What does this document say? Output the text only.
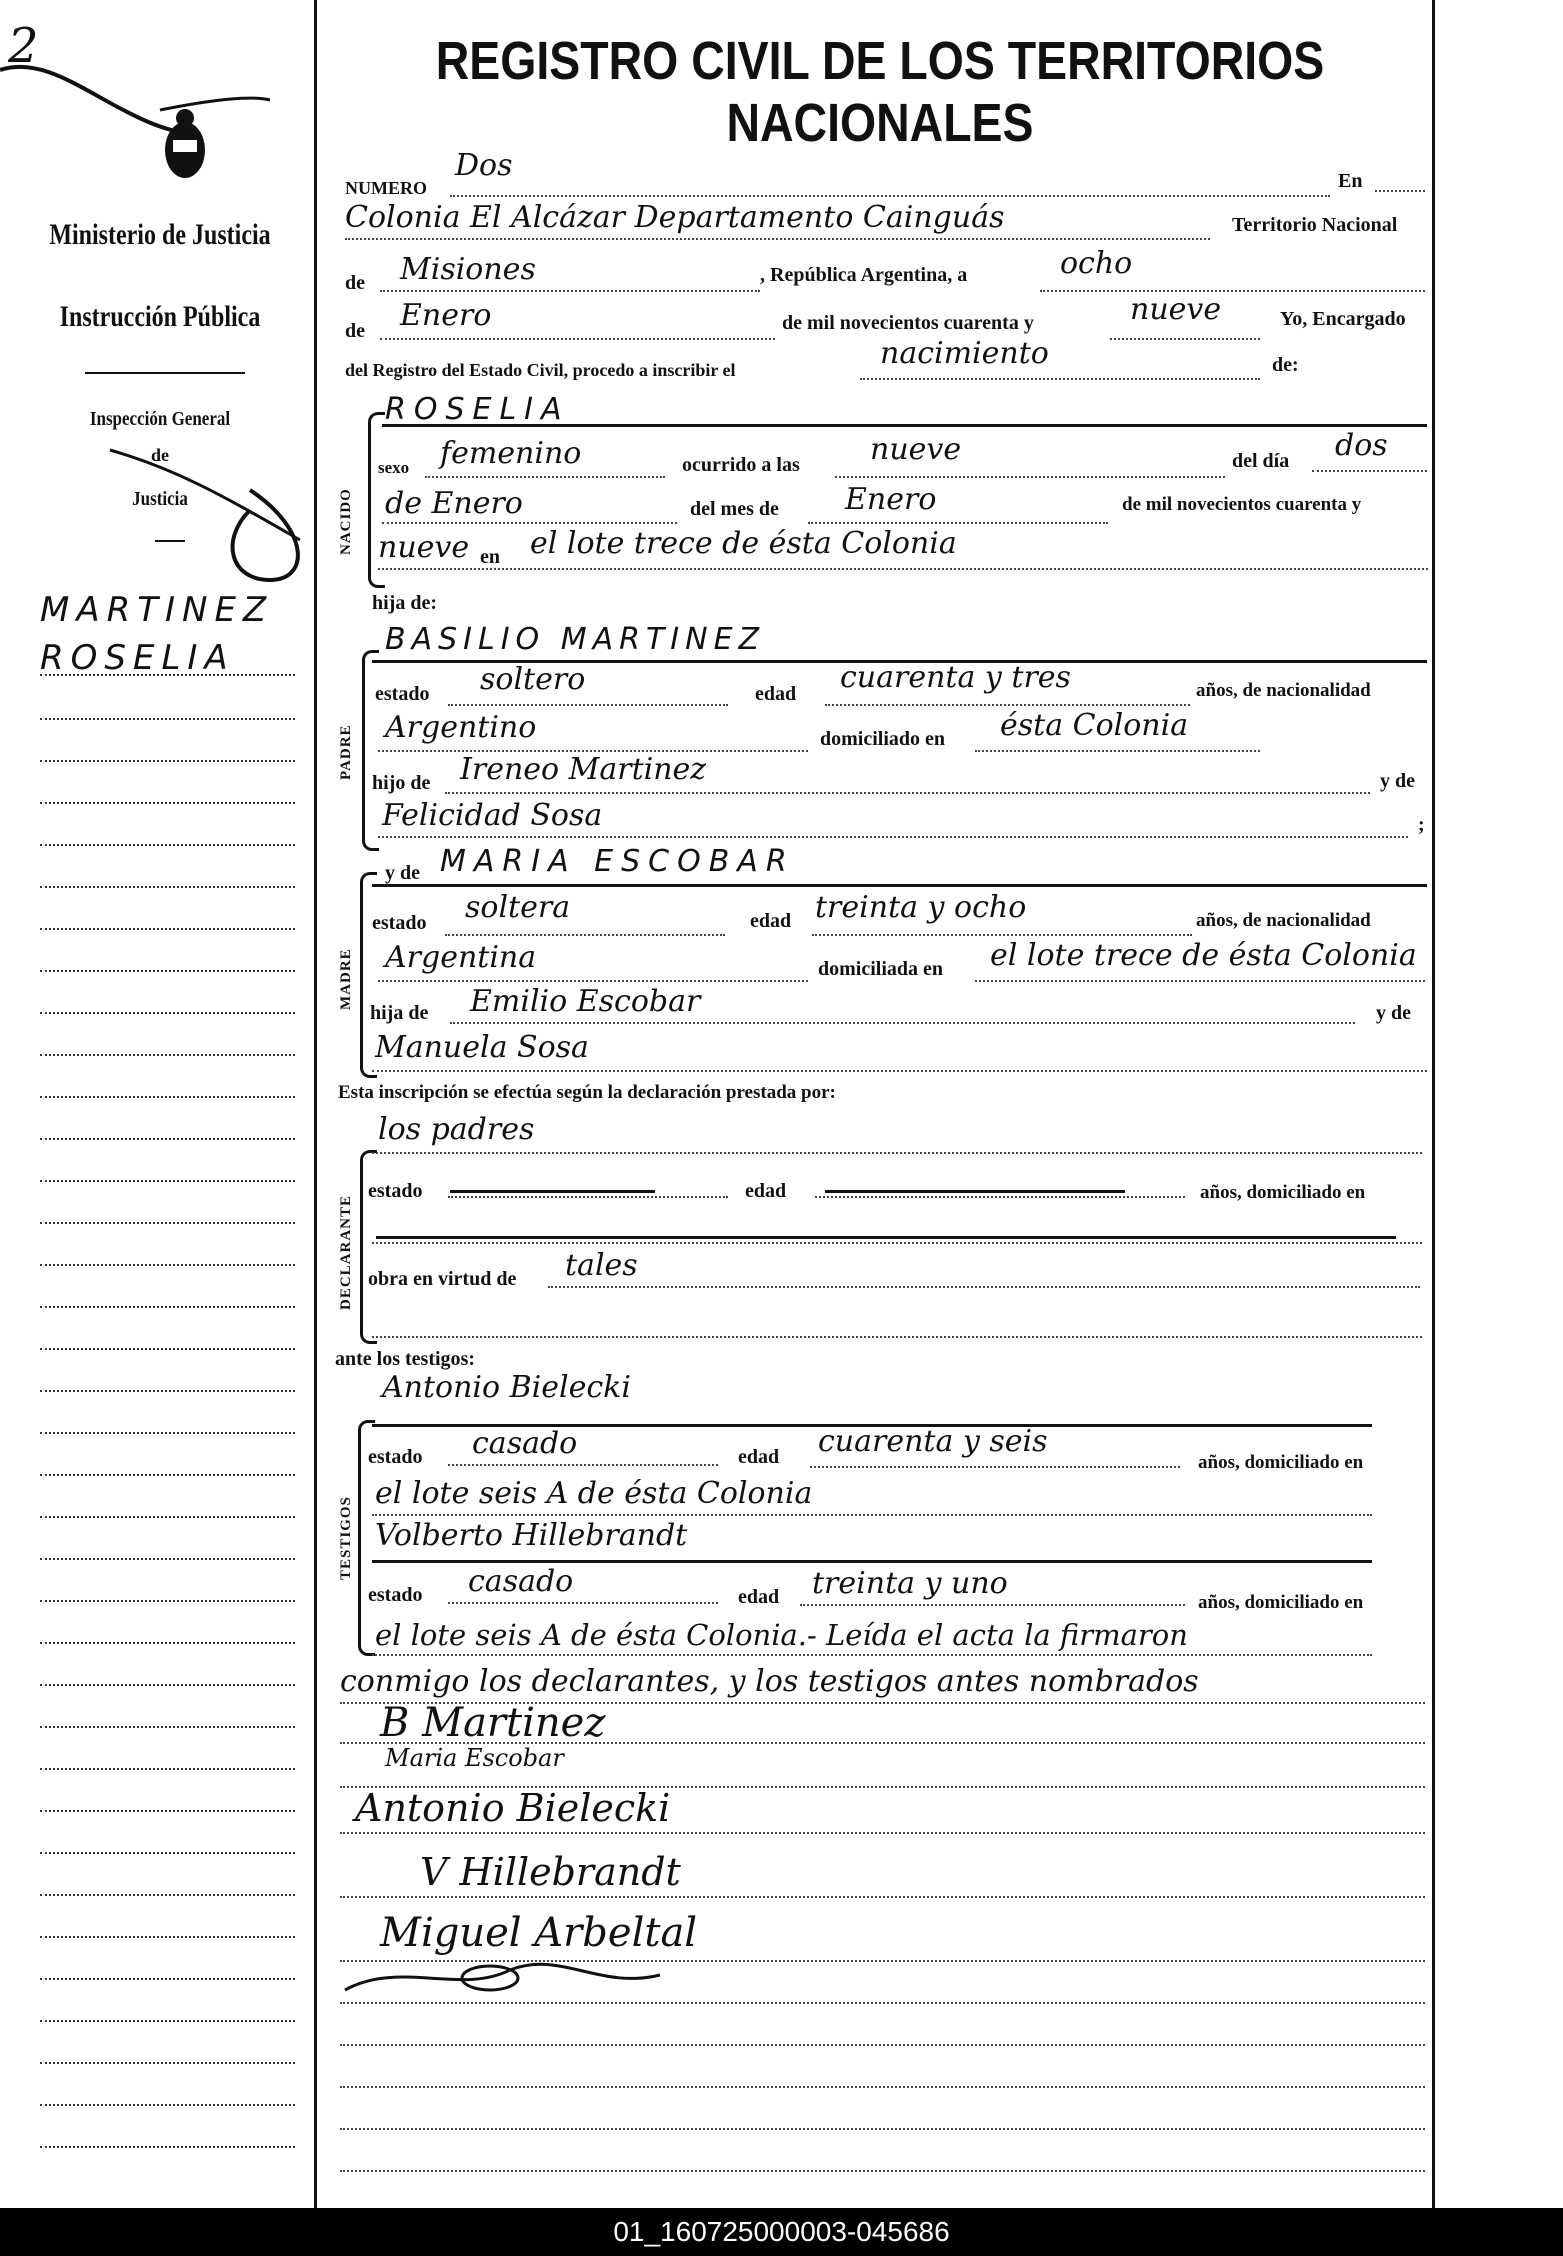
2
Ministerio de Justicia
Instrucción Pública
Inspección General
de
Justicia
MARTINEZ
ROSELIA
REGISTRO CIVIL DE LOS TERRITORIOS NACIONALES
NUMERO
Dos	En
Colonia El Alcázar Departamento Cainguás	Territorio Nacional
de Misiones	, República Argentina, a	ocho
de Enero	de mil novecientos cuarenta y	nueve	Yo, Encargado
del Registro del Estado Civil, procedo a inscribir el	nacimiento	de:
NACIDO
ROSELIA
sexo femenino	ocurrido a las nueve	del día dos
de Enero	del mes de Enero	de mil novecientos cuarenta y
nueve en el lote trece de ésta Colonia
hija de:
PADRE
BASILIO MARTINEZ
estado soltero	edad cuarenta y tres	años, de nacionalidad
Argentino	domiciliado en ésta Colonia
hijo de Ireneo Martinez	y de
Felicidad Sosa	;
MADRE
y de MARIA ESCOBAR
estado soltera	edad treinta y ocho	años, de nacionalidad
Argentina	domiciliada en el lote trece de ésta Colonia
hija de Emilio Escobar	y de
Manuela Sosa
Esta inscripción se efectúa según la declaración prestada por:
DECLARANTE
los padres
estado	edad	años, domiciliado en
obra en virtud de tales
ante los testigos:
TESTIGOS
Antonio Bielecki
estado casado	edad cuarenta y seis
años, domiciliado en
el lote seis A de ésta Colonia
Volberto Hillebrandt
estado casado	edad treinta y uno
años, domiciliado en
el lote seis A de ésta Colonia.- Leída el acta la firmaron
conmigo los declarantes, y los testigos antes nombrados
B Martinez
Maria Escobar
Antonio Bielecki
V Hillebrandt
Miguel Arbeltal
01_160725000003-045686
